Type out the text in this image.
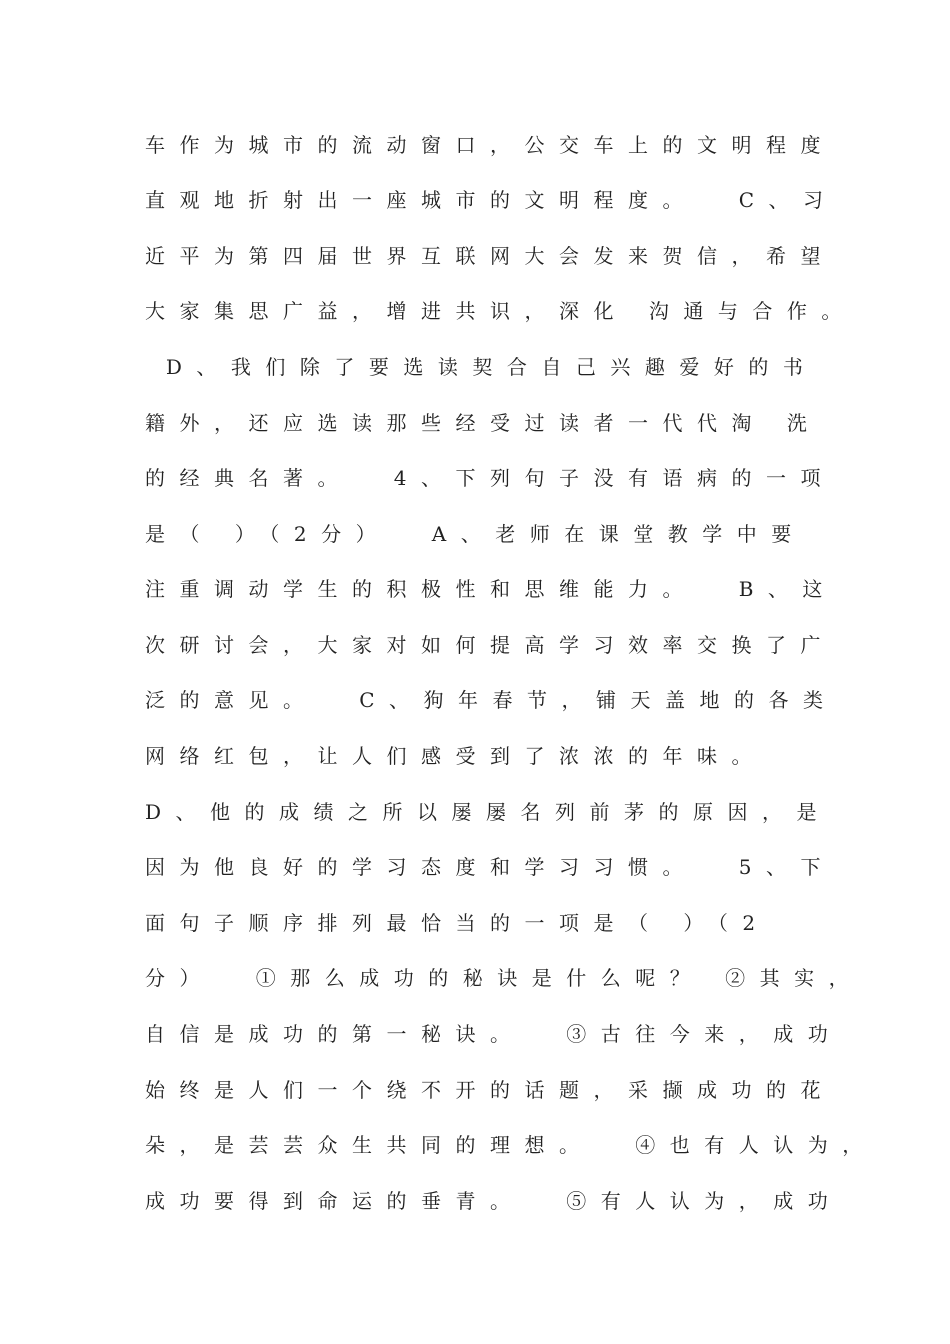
车作为城市的流动窗口，公交车上的文明程度
直观地折射出一座城市的文明程度。  C、习
近平为第四届世界互联网大会发来贺信，希望
大家集思广益，增进共识，深化 沟通与合作。
D、我们除了要选读契合自己兴趣爱好的书
籍外，还应选读那些经受过读者一代代淘 洗
的经典名著。  4、下列句子没有语病的一项
是（ ）（2分）  A、老师在课堂教学中要
注重调动学生的积极性和思维能力。  B、这
次研讨会，大家对如何提高学习效率交换了广
泛的意见。  C、狗年春节，铺天盖地的各类
网络红包，让人们感受到了浓浓的年味。
D、他的成绩之所以屡屡名列前茅的原因，是
因为他良好的学习态度和学习习惯。  5、下
面句子顺序排列最恰当的一项是（ ）（2
分）  ①那么成功的秘诀是什么呢？ ②其实，
自信是成功的第一秘诀。  ③古往今来，成功
始终是人们一个绕不开的话题，采撷成功的花
朵，是芸芸众生共同的理想。  ④也有人认为，
成功要得到命运的垂青。  ⑤有人认为，成功
